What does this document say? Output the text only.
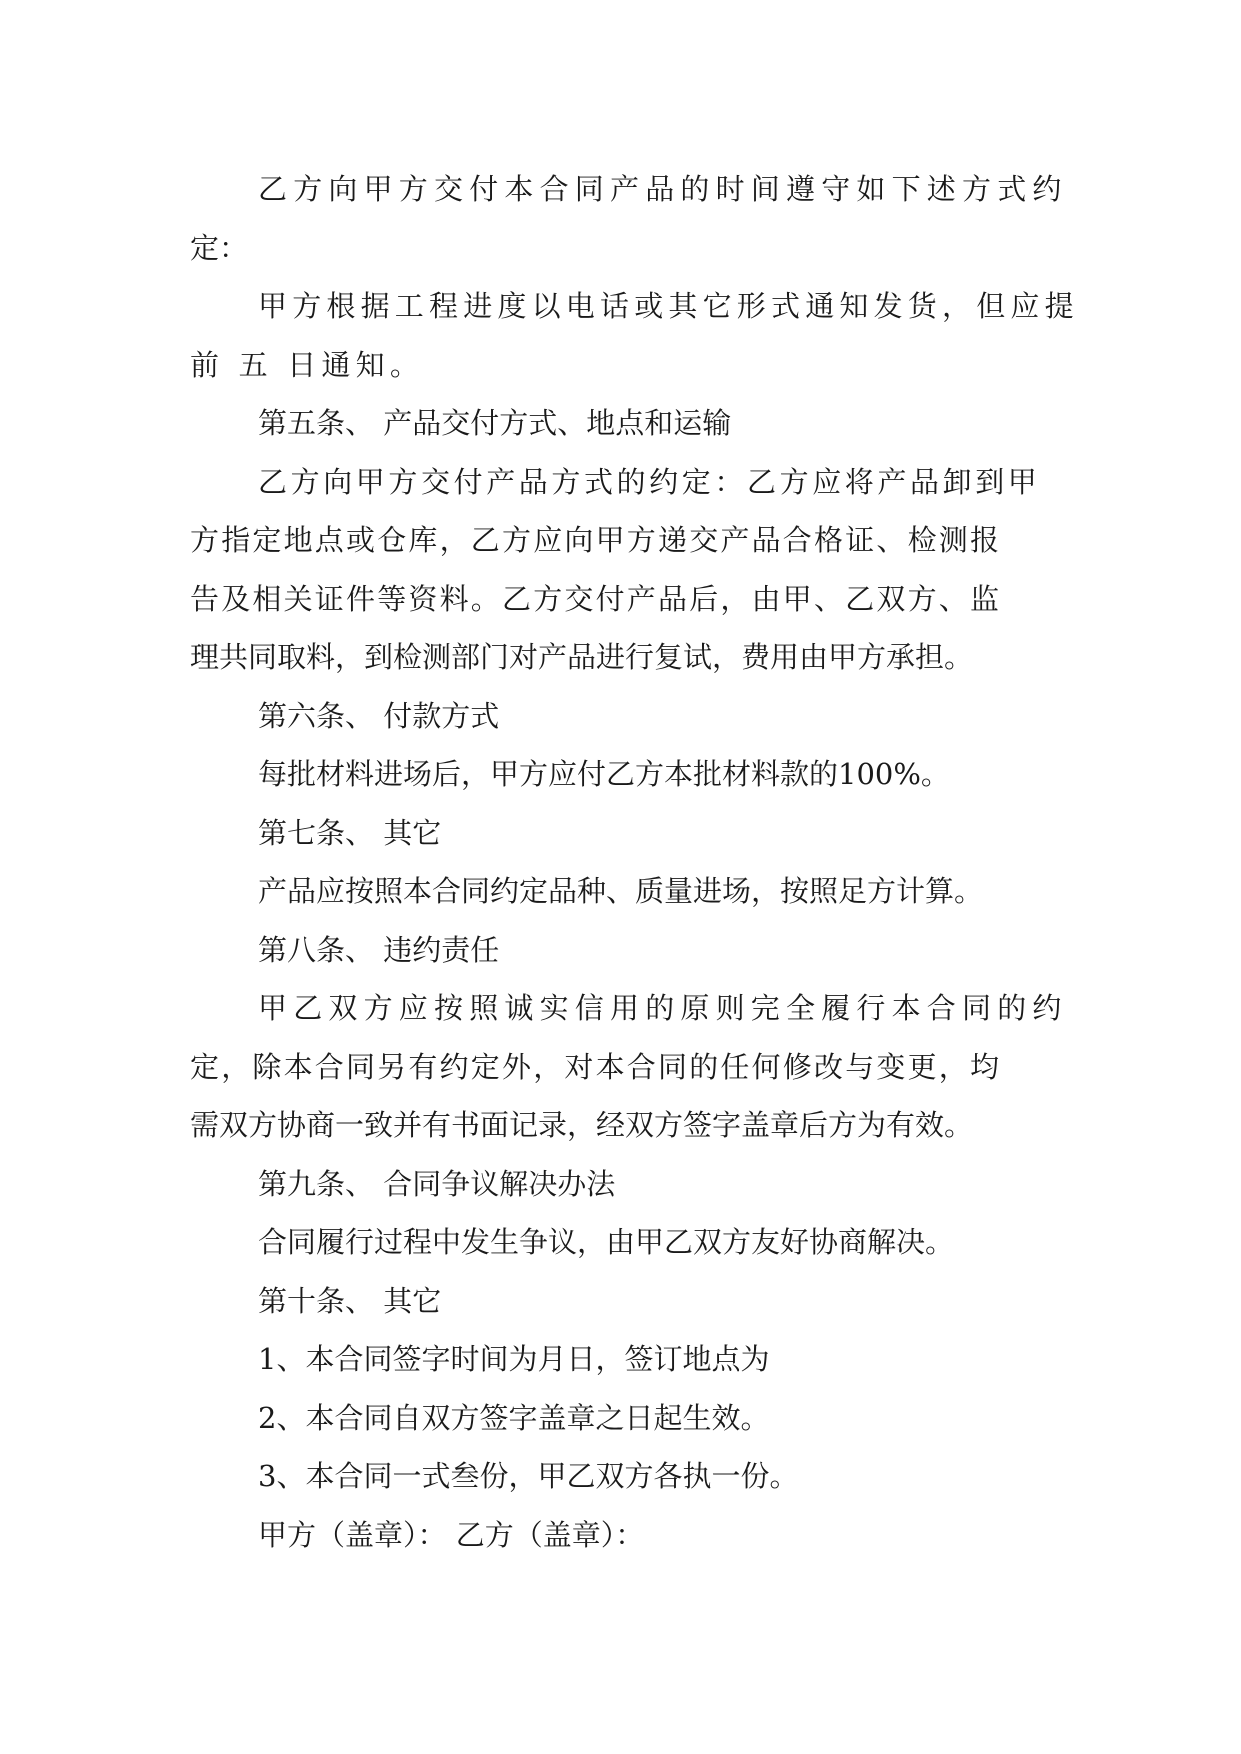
乙方向甲方交付本合同产品的时间遵守如下述方式约
定：
甲方根据工程进度以电话或其它形式通知发货，但应提
前 五 日通知。
第五条、 产品交付方式、地点和运输
乙方向甲方交付产品方式的约定：乙方应将产品卸到甲
方指定地点或仓库，乙方应向甲方递交产品合格证、检测报
告及相关证件等资料。乙方交付产品后，由甲、乙双方、监
理共同取料，到检测部门对产品进行复试，费用由甲方承担。
第六条、 付款方式
每批材料进场后，甲方应付乙方本批材料款的100%。
第七条、 其它
产品应按照本合同约定品种、质量进场，按照足方计算。
第八条、 违约责任
甲乙双方应按照诚实信用的原则完全履行本合同的约
定，除本合同另有约定外，对本合同的任何修改与变更，均
需双方协商一致并有书面记录，经双方签字盖章后方为有效。
第九条、 合同争议解决办法
合同履行过程中发生争议，由甲乙双方友好协商解决。
第十条、 其它
1、本合同签字时间为月日，签订地点为
2、本合同自双方签字盖章之日起生效。
3、本合同一式叁份，甲乙双方各执一份。
甲方（盖章）： 乙方（盖章）：
